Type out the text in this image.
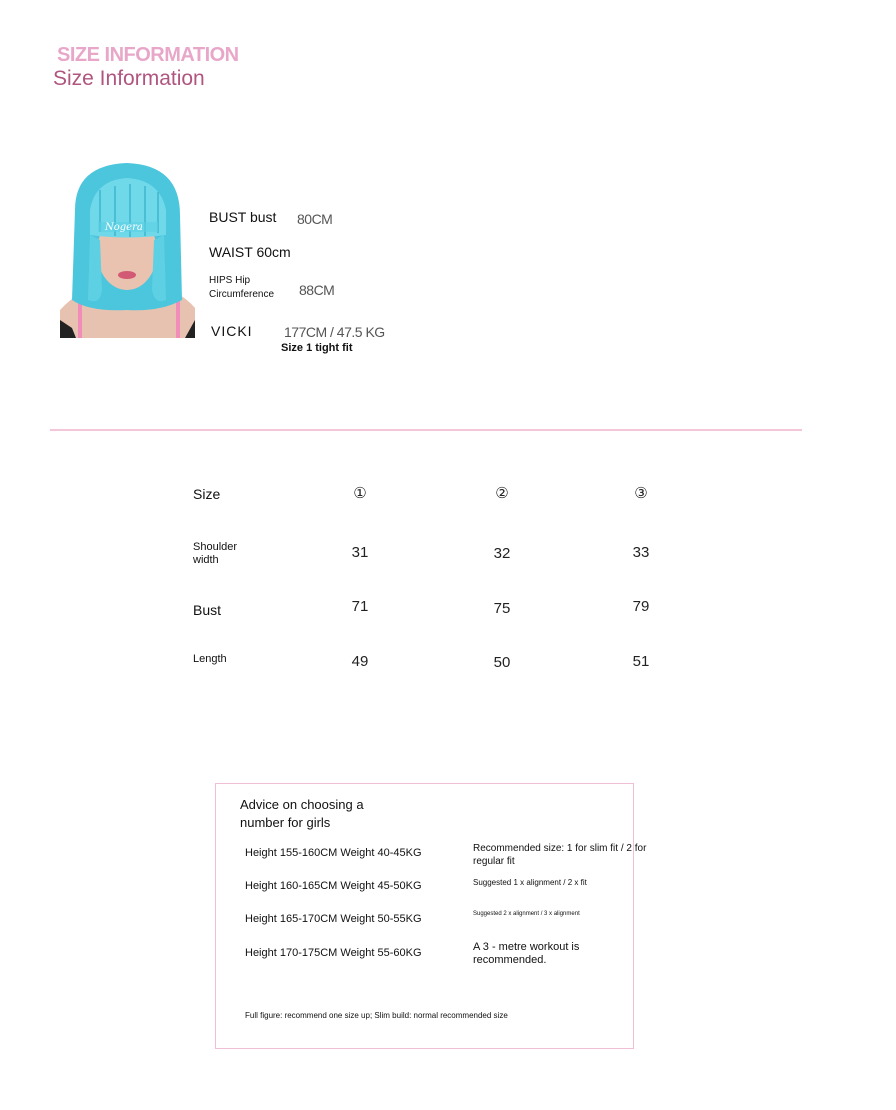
SIZE INFORMATION
Size Information
Nogera
BUST bust 80CM
WAIST 60cm
HIPS Hip
Circumference 88CM
VICKI 177CM / 47.5 KG
Size 1 tight fit
Size	①	②	③
Shoulder
width	31	32	33
Bust	71	75	79
Length	49	50	51
Advice on choosing a
number for girls
Height 155-160CM Weight 40-45KG	Recommended size: 1 for slim fit / 2 for
regular fit
Height 160-165CM Weight 45-50KG	Suggested 1 x alignment / 2 x fit
Height 165-170CM Weight 50-55KG	Suggested 2 x alignment / 3 x alignment
Height 170-175CM Weight 55-60KG	A 3 - metre workout is
recommended.
Full figure: recommend one size up; Slim build: normal recommended size
